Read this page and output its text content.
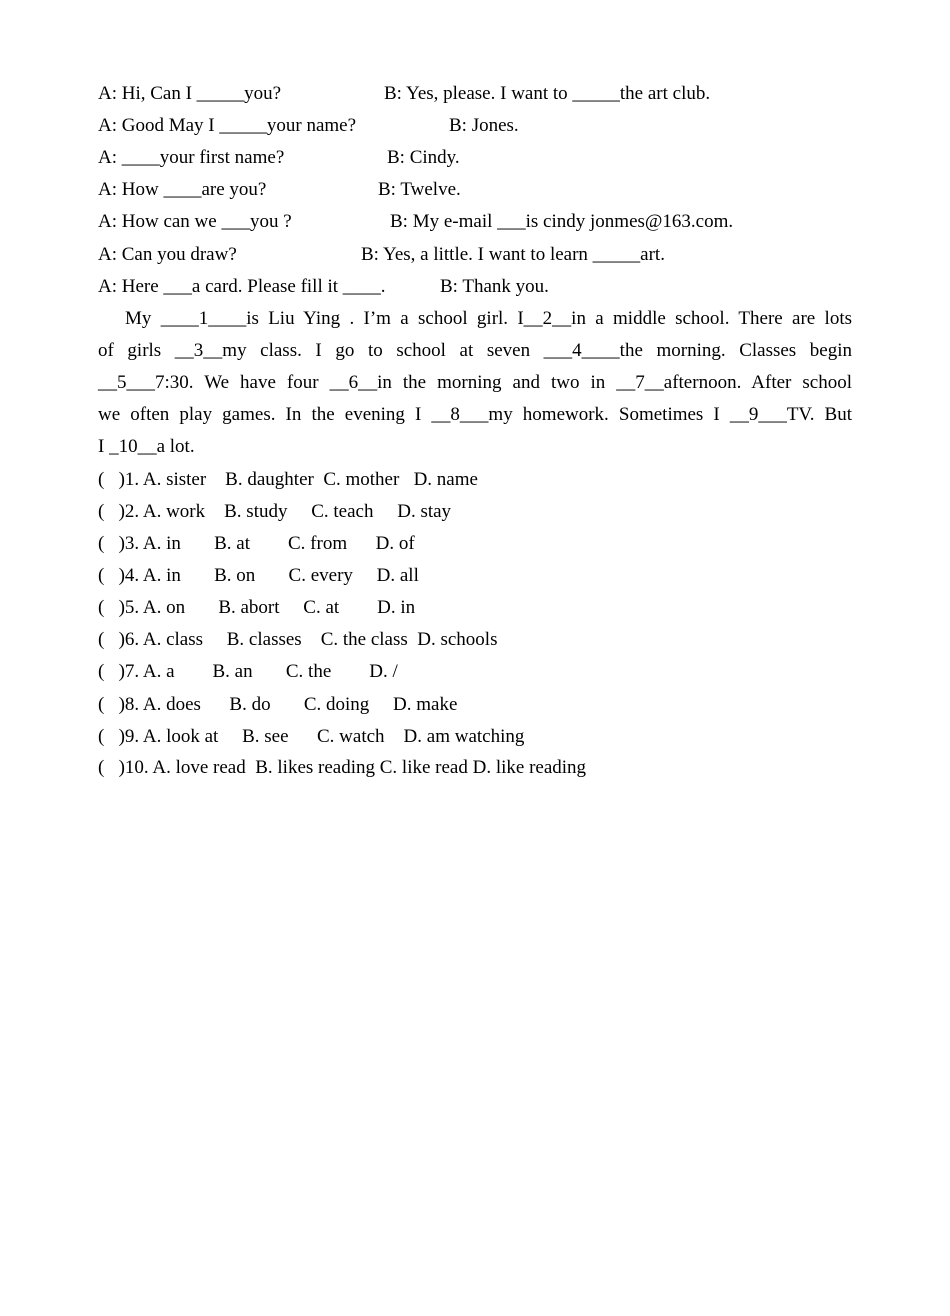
A: Hi, Can I _____you?	B: Yes, please. I want to _____the art club.
A: Good May I _____your name?	B: Jones.
A: ____your first name?	B: Cindy.
A: How ____are you?	B: Twelve.
A: How can we ___you ?	B: My e-mail ___is cindy jonmes@163.com.
A: Can you draw?	B: Yes, a little. I want to learn _____art.
A: Here ___a card. Please fill it ____.	B: Thank you.
My ____1____is Liu Ying . I’m a school girl. I__2__in a middle school. There are lots
of girls __3__my class. I go to school at seven ___4____the morning. Classes begin
__5___7:30. We have four __6__in the morning and two in __7__afternoon. After school
we often play games. In the evening I __8___my homework. Sometimes I __9___TV. But
I _10__a lot.
(   )1. A. sister    B. daughter  C. mother   D. name
(   )2. A. work    B. study     C. teach     D. stay
(   )3. A. in       B. at        C. from      D. of
(   )4. A. in       B. on       C. every     D. all
(   )5. A. on       B. abort     C. at        D. in
(   )6. A. class     B. classes    C. the class  D. schools
(   )7. A. a        B. an       C. the        D. /
(   )8. A. does      B. do       C. doing     D. make
(   )9. A. look at     B. see      C. watch    D. am watching
(   )10. A. love read  B. likes reading C. like read D. like reading
